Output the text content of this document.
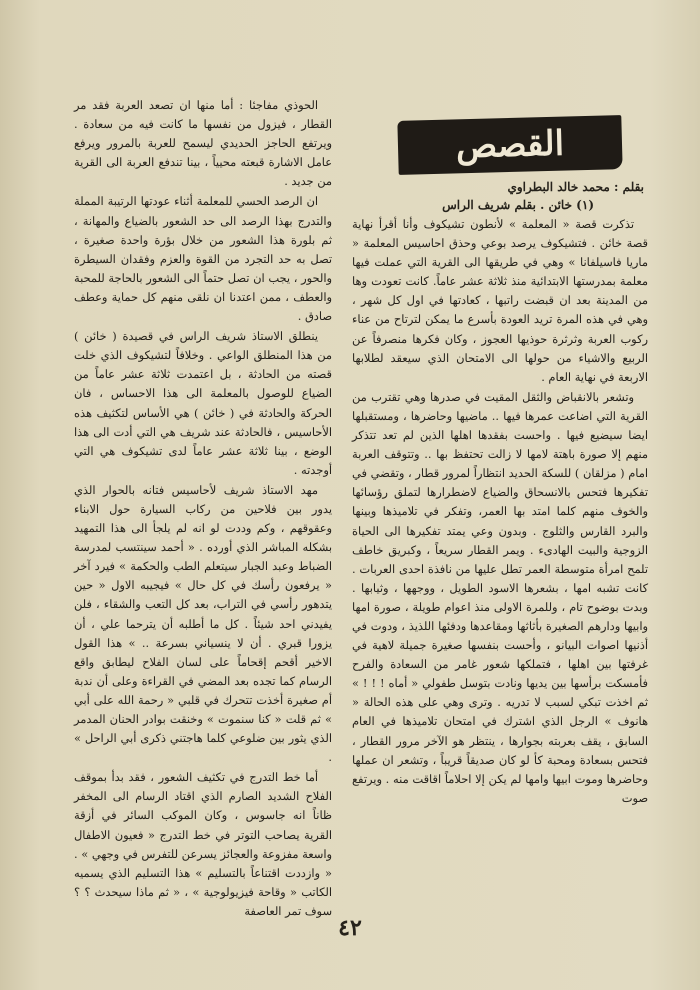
القصص
بقلم : محمد خالد البطراوي
(١) خائن . بقلم شريف الراس

تذكرت قصة « المعلمة » لأنطون تشيكوف وأنا أقرأ نهاية قصة خائن . فتشيكوف يرصد بوعي وحذق احاسيس المعلمة « ماريا فاسيلفانا » وهي في طريقها الى القرية التي عملت فيها معلمة بمدرستها الابتدائية منذ ثلاثة عشر عاماً. كانت تعودت وها من المدينة بعد ان قبضت راتبها ، كعادتها في اول كل شهر ، وهي في هذه المرة تريد العودة بأسرع ما يمكن لترتاح من عناء ركوب العربة وثرثرة حوذيها العجوز ، وكان فكرها منصرفاً عن الربيع والاشياء من حولها الى الامتحان الذي سيعقد لطلابها الاربعة في نهاية العام .

وتشعر بالانقباض والثقل المقيت في صدرها وهي تقترب من القرية التي اضاعت عمرها فيها .. ماضيها وحاضرها ، ومستقبلها ايضا سيضيع فيها . واحست بفقدها اهلها الذين لم تعد تتذكر منهم إلا صورة باهتة لامها لا زالت تحتفظ بها .. وتتوقف العربة امام ( مزلقان ) للسكة الحديد انتظاراً لمرور قطار ، وتقضي في تفكيرها فتحس بالانسحاق والضياع لاضطرارها لتملق رؤسائها والخوف منهم كلما امتد بها العمر، وتفكر في تلاميذها وبينها والبرد القارس والثلوج . وبدون وعي يمتد تفكيرها الى الحياة الزوجية والبيت الهادىء . ويمر القطار سريعاً ، وكبريق خاطف تلمح امرأة متوسطة العمر تطل عليها من نافذة احدى العربات . كانت تشبه امها ، بشعرها الاسود الطويل ، ووجهها ، وثيابها . وبدت بوضوح تام ، وللمرة الاولى منذ اعوام طويلة ، صورة امها وابيها ودارهم الصغيرة بأثاثها ومقاعدها ودفئها اللذيذ ، ودوت في أذنيها اصوات البيانو ، وأحست بنفسها صغيرة جميلة لاهية في غرفتها بين اهلها ، فتملكها شعور غامر من السعادة والفرح فأمسكت برأسها بين يديها ونادت بتوسل طفولي « أماه ! ! ! » ثم اخذت تبكي لسبب لا تدريه . وترى وهي على هذه الحالة « هانوف » الرجل الذي اشترك في امتحان تلاميذها في العام السابق ، يقف بعربته بجوارها ، ينتظر هو الآخر مرور القطار ، فتحس بسعادة ومحبة كأ لو كان صديقاً قريباً ، وتشعر ان عملها وحاضرها وموت ابيها وامها لم يكن إلا احلاماً اقاقت منه . ويرتفع صوت

الحوذي مفاجئا : أما منها ان تصعد العربة فقد مر القطار ، فيزول من نفسها ما كانت فيه من سعادة . ويرتفع الحاجز الحديدي ليسمح للعربة بالمرور ويرفع عامل الاشارة قبعته محيياً ، بينا تندفع العربة الى القرية من جديد .

ان الرصد الحسي للمعلمة أثناء عودتها الرتيبة المملة والتدرج بهذا الرصد الى حد الشعور بالضياع والمهانة ، ثم بلورة هذا الشعور من خلال بؤرة واحدة صغيرة ، تصل به حد التجرد من القوة والعزم وفقدان السيطرة والحور ، يجب ان تصل حتماً الى الشعور بالحاجة للمحبة والعطف ، ممن اعتدنا ان نلقى منهم كل حماية وعطف صادق .

ينطلق الاستاذ شريف الراس في قصيدة ( خائن ) من هذا المنطلق الواعي . وخلافاً لتشيكوف الذي خلت قصته من الحادثة ، بل اعتمدت ثلاثة عشر عاماً من الضياع للوصول بالمعلمة الى هذا الاحساس ، فان الحركة والحادثة في ( خائن ) هي الأساس لتكثيف هذه الأحاسيس ، فالحادثة عند شريف هي التي أدت الى هذا الوضع ، بينا ثلاثة عشر عاماً لدى تشيكوف هي التي أوجدته .

مهد الاستاذ شريف لأحاسيس فتانه بالحوار الذي يدور بين فلاحين من ركاب السيارة حول الابناء وعقوقهم ، وكم وددت لو انه لم يلجأ الى هذا التمهيد بشكله المباشر الذي أورده . « أحمد سينتسب لمدرسة الضباط وعبد الجبار سيتعلم الطب والحكمة » فيرد آخر « يرفعون رأسك في كل حال » فيجيبه الاول « حين يتدهور رأسي في التراب، بعد كل التعب والشقاء ، فلن يفيدني احد شيئاً . كل ما أطلبه أن يترحما علي ، أن يزورا قبري . أن لا ينسياني بسرعة .. » هذا القول الاخير أقحم إقحاماً على لسان الفلاح ليطابق واقع الرسام كما تجده بعد المضي في القراءة وعلى أن ندبة أم صغيرة أخذت تتحرك في قلبي « رحمة الله على أبي » ثم قلت « كنا سنموت » وخنقت بوادر الحنان المدمر الذي يثور بين ضلوعي كلما هاجتني ذكرى أبي الراحل » .

أما خط التدرج في تكثيف الشعور ، فقد بدأ بموقف الفلاح الشديد الصارم الذي اقتاد الرسام الى المخفر ظاناً انه جاسوس ، وكان الموكب السائر في أزقة القرية يصاحب التوتر في خط التدرج « فعيون الاطفال واسعة مفزوعة والعجائز يسرعن للتفرس في وجهي » . « وازددت اقتناعاً بالتسليم » هذا التسليم الذي يسميه الكاتب « وقاحة فيزيولوجية » ، « ثم ماذا سيحدث ؟ ؟ سوف تمر العاصفة

٤٢
